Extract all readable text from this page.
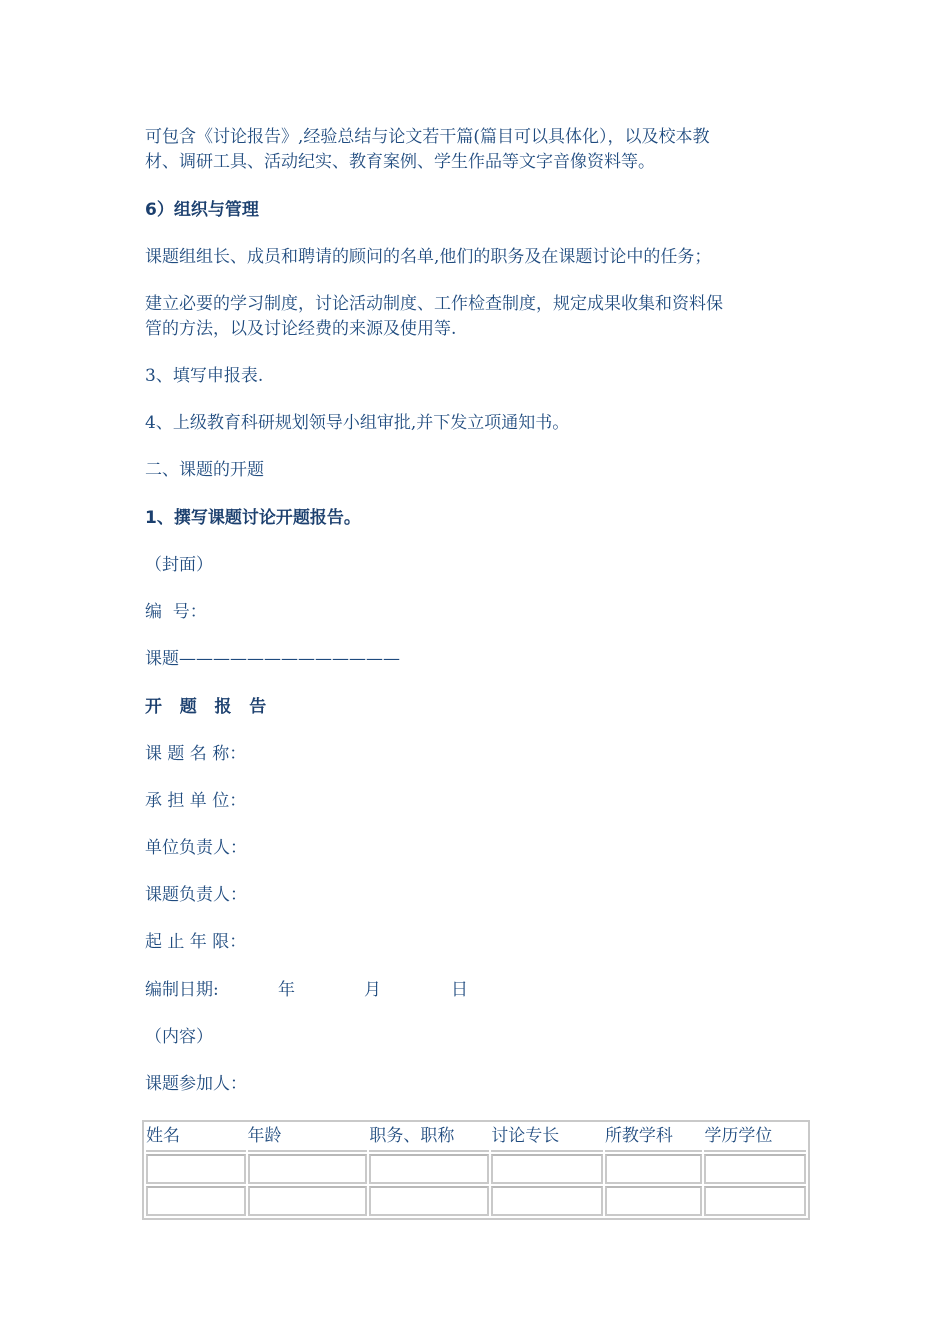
可包含《讨论报告》,经验总结与论文若干篇(篇目可以具体化），以及校本教

材、调研工具、活动纪实、教育案例、学生作品等文字音像资料等。

6）组织与管理

课题组组长、成员和聘请的顾问的名单,他们的职务及在课题讨论中的任务；

建立必要的学习制度，讨论活动制度、工作检查制度，规定成果收集和资料保

管的方法，以及讨论经费的来源及使用等.

3、填写申报表.

4、上级教育科研规划领导小组审批,并下发立项通知书。

二、课题的开题

1、撰写课题讨论开题报告。

（封面）

编  号：

课题—————————————

开   题   报   告

课 题 名 称：

承 担 单 位：

单位负责人：

课题负责人：

起 止 年 限：

编制日期:	年	月	日

（内容）

课题参加人：

姓名	年龄	职务、职称	讨论专长	所教学科	学历学位
